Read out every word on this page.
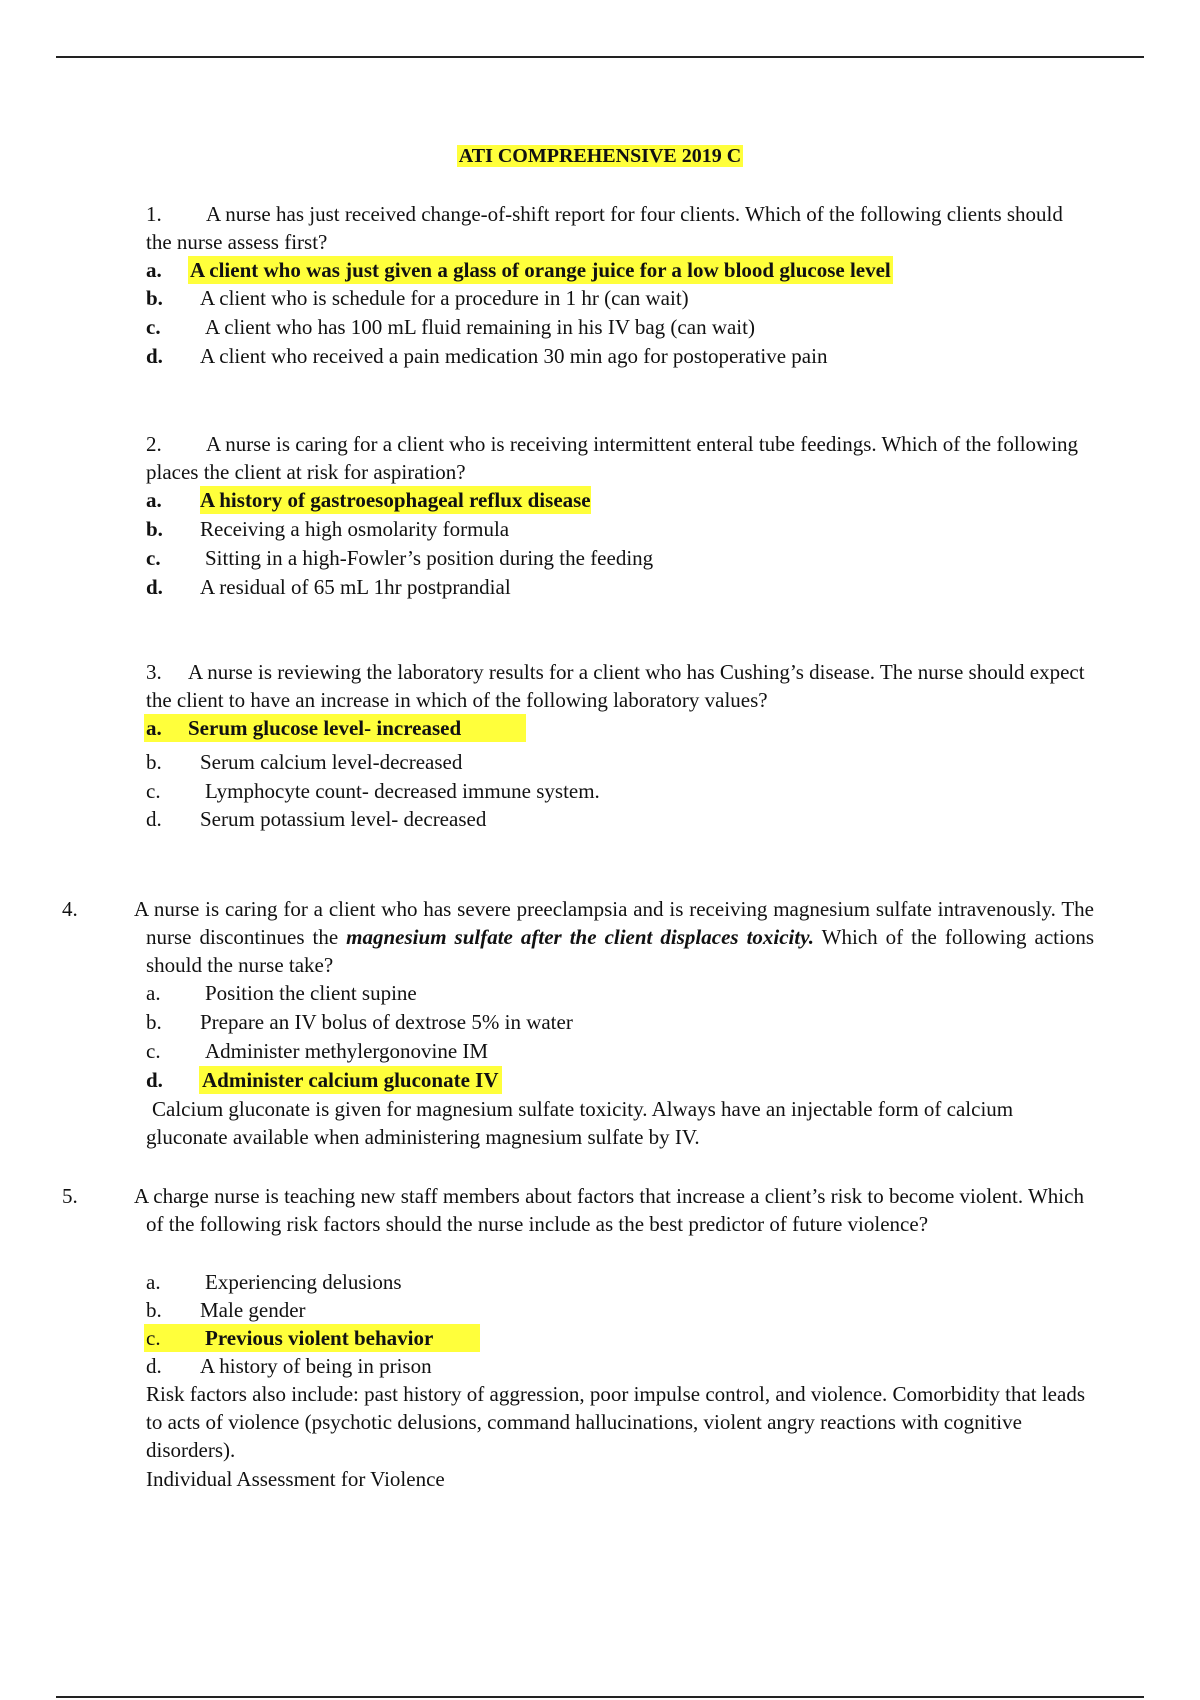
ATI COMPREHENSIVE 2019 C

1. A nurse has just received change-of-shift report for four clients. Which of the following clients should the nurse assess first?

a. A client who was just given a glass of orange juice for a low blood glucose level
b. A client who is schedule for a procedure in 1 hr (can wait)
c. A client who has 100 mL fluid remaining in his IV bag (can wait)
d. A client who received a pain medication 30 min ago for postoperative pain

2. A nurse is caring for a client who is receiving intermittent enteral tube feedings. Which of the following places the client at risk for aspiration?

a. A history of gastroesophageal reflux disease
b. Receiving a high osmolarity formula
c. Sitting in a high-Fowler’s position during the feeding
d. A residual of 65 mL 1hr postprandial

3. A nurse is reviewing the laboratory results for a client who has Cushing’s disease. The nurse should expect the client to have an increase in which of the following laboratory values?

a. Serum glucose level- increased
b. Serum calcium level-decreased
c. Lymphocyte count- decreased immune system.
d. Serum potassium level- decreased

4.	A nurse is caring for a client who has severe preeclampsia and is receiving magnesium sulfate intravenously. The nurse discontinues the magnesium sulfate after the client displaces toxicity. Which of the following actions should the nurse take?

a. Position the client supine
b. Prepare an IV bolus of dextrose 5% in water
c. Administer methylergonovine IM
d. Administer calcium gluconate IV

Calcium gluconate is given for magnesium sulfate toxicity. Always have an injectable form of calcium gluconate available when administering magnesium sulfate by IV.

5.	A charge nurse is teaching new staff members about factors that increase a client’s risk to become violent. Which of the following risk factors should the nurse include as the best predictor of future violence?

a. Experiencing delusions
b. Male gender
c. Previous violent behavior
d. A history of being in prison

Risk factors also include: past history of aggression, poor impulse control, and violence. Comorbidity that leads to acts of violence (psychotic delusions, command hallucinations, violent angry reactions with cognitive disorders).

Individual Assessment for Violence
